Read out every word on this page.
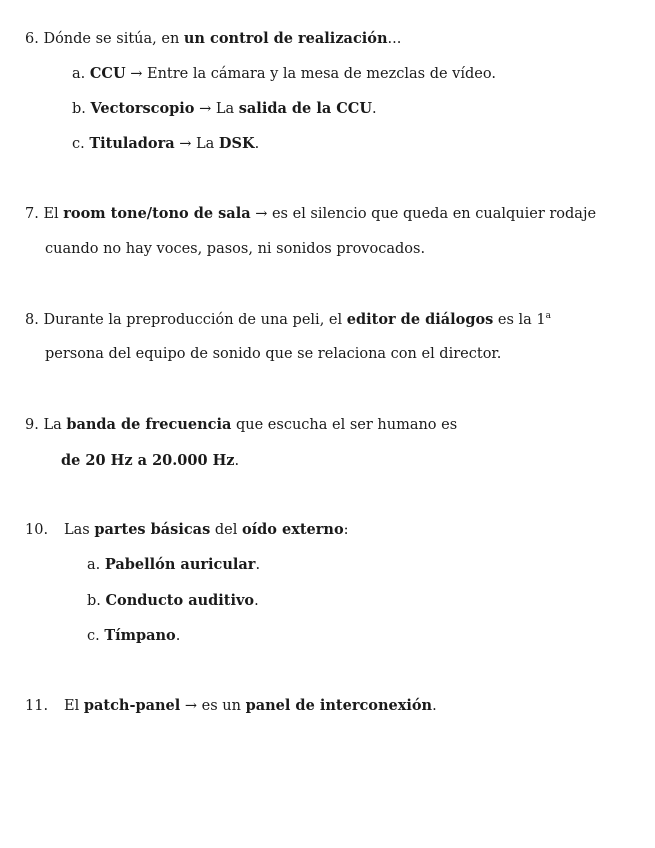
6. Dónde se sitúa, en un control de realización...
a. CCU → Entre la cámara y la mesa de mezclas de vídeo.
b. Vectorscopio → La salida de la CCU.
c. Tituladora → La DSK.
7. El room tone/tono de sala → es el silencio que queda en cualquier rodaje
cuando no hay voces, pasos, ni sonidos provocados.
8. Durante la preproducción de una peli, el editor de diálogos es la 1$^a$
persona del equipo de sonido que se relaciona con el director.
9. La banda de frecuencia que escucha el ser humano es
de 20 Hz a 20.000 Hz.
10. Las partes básicas del oído externo:
a. Pabellón auricular.
b. Conducto auditivo.
c. Tímpano.
11. El patch-panel → es un panel de interconexión.
